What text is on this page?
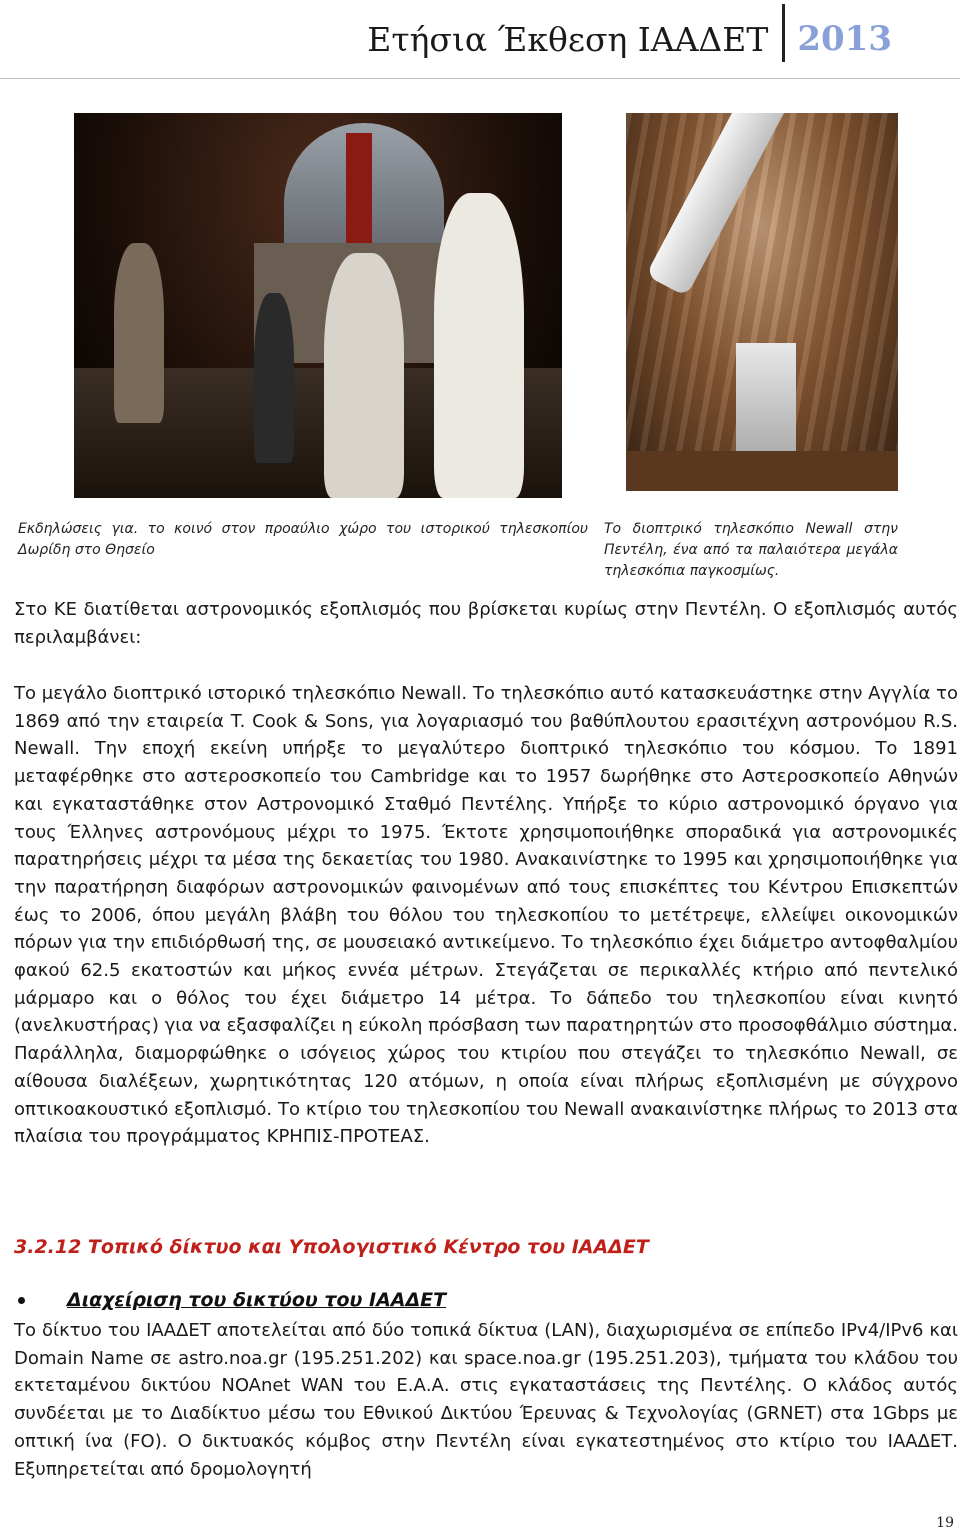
Ετήσια Έκθεση ΙΑΑΔΕΤ 2013
Εκδηλώσεις για. το κοινό στον προαύλιο χώρο του ιστορικού τηλεσκοπίου Δωρίδη στο Θησείο
Το διοπτρικό τηλεσκόπιο Newall στην Πεντέλη, ένα από τα παλαιότερα μεγάλα τηλεσκόπια παγκοσμίως.
Στο ΚΕ διατίθεται αστρονομικός εξοπλισμός που βρίσκεται κυρίως στην Πεντέλη. Ο εξοπλισμός αυτός περιλαμβάνει:
Το μεγάλο διοπτρικό ιστορικό τηλεσκόπιο Newall. Το τηλεσκόπιο αυτό κατασκευάστηκε στην Αγγλία το 1869 από την εταιρεία T. Cook & Sons, για λογαριασμό του βαθύπλουτου ερασιτέχνη αστρονόμου R.S. Newall. Την εποχή εκείνη υπήρξε το μεγαλύτερο διοπτρικό τηλεσκόπιο του κόσμου. Το 1891 μεταφέρθηκε στο αστεροσκοπείο του Cambridge και το 1957 δωρήθηκε στο Αστεροσκοπείο Αθηνών και εγκαταστάθηκε στον Αστρονομικό Σταθμό Πεντέλης. Υπήρξε το κύριο αστρονομικό όργανο για τους Έλληνες αστρονόμους μέχρι το 1975. Έκτοτε χρησιμοποιήθηκε σποραδικά για αστρονομικές παρατηρήσεις μέχρι τα μέσα της δεκαετίας του 1980. Ανακαινίστηκε το 1995 και χρησιμοποιήθηκε για την παρατήρηση διαφόρων αστρονομικών φαινομένων από τους επισκέπτες του Κέντρου Επισκεπτών έως το 2006, όπου μεγάλη βλάβη του θόλου του τηλεσκοπίου το μετέτρεψε, ελλείψει οικονομικών πόρων για την επιδιόρθωσή της, σε μουσειακό αντικείμενο. Το τηλεσκόπιο έχει διάμετρο αντοφθαλμίου φακού 62.5 εκατοστών και μήκος εννέα μέτρων. Στεγάζεται σε περικαλλές κτήριο από πεντελικό μάρμαρο και ο θόλος του έχει διάμετρο 14 μέτρα. Το δάπεδο του τηλεσκοπίου είναι κινητό (ανελκυστήρας) για να εξασφαλίζει η εύκολη πρόσβαση των παρατηρητών στο προσοφθάλμιο σύστημα. Παράλληλα, διαμορφώθηκε ο ισόγειος χώρος του κτιρίου που στεγάζει το τηλεσκόπιο Newall, σε αίθουσα διαλέξεων, χωρητικότητας 120 ατόμων, η οποία είναι πλήρως εξοπλισμένη με σύγχρονο οπτικοακουστικό εξοπλισμό. Το κτίριο του τηλεσκοπίου του Newall ανακαινίστηκε πλήρως το 2013 στα πλαίσια του προγράμματος ΚΡΗΠΙΣ-ΠΡΟΤΕΑΣ.
3.2.12 Τοπικό δίκτυο και Υπολογιστικό Κέντρο του ΙΑΑΔΕΤ
Διαχείριση του δικτύου του ΙΑΑΔΕΤ
Το δίκτυο του ΙΑΑΔΕΤ αποτελείται από δύο τοπικά δίκτυα (LAN), διαχωρισμένα σε επίπεδο IPv4/IPv6 και Domain Name σε astro.noa.gr (195.251.202) και space.noa.gr (195.251.203), τμήματα του κλάδου του εκτεταμένου δικτύου NOAnet WAN του Ε.Α.Α. στις εγκαταστάσεις της Πεντέλης. Ο κλάδος αυτός συνδέεται με το Διαδίκτυο μέσω του Εθνικού Δικτύου Έρευνας & Τεχνολογίας (GRNET) στα 1Gbps με οπτική ίνα (FO). Ο δικτυακός κόμβος στην Πεντέλη είναι εγκατεστημένος στο κτίριο του ΙΑΑΔΕΤ. Εξυπηρετείται από δρομολογητή
19
